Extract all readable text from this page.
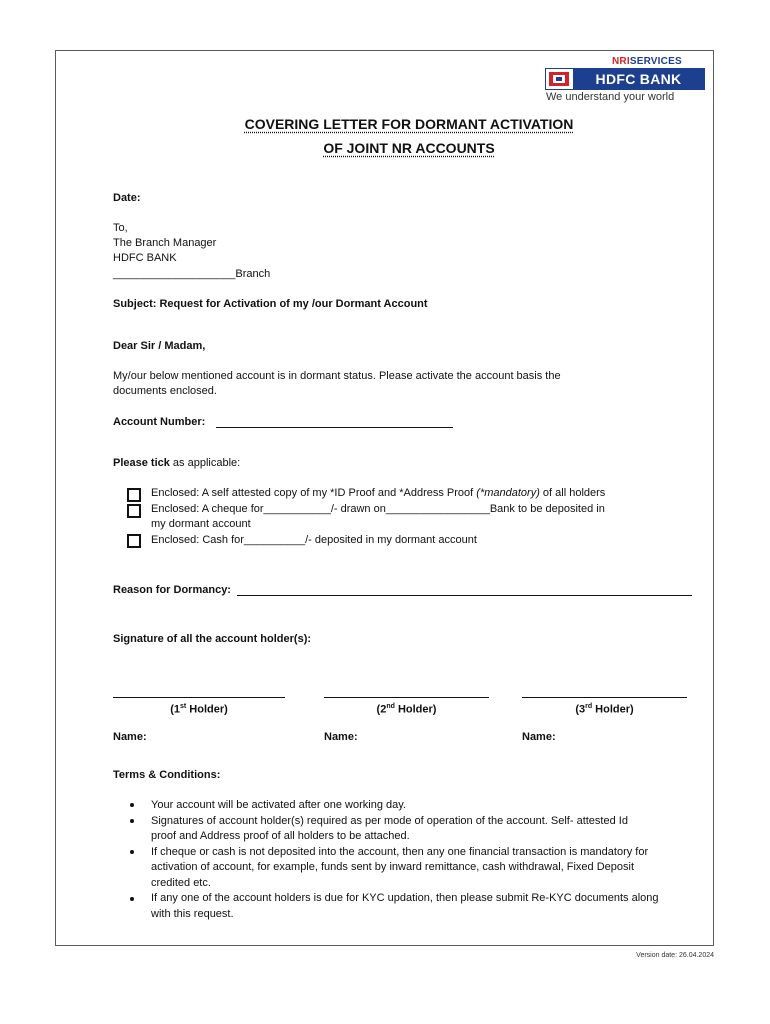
NRISERVICES
HDFC BANK
We understand your world
COVERING LETTER FOR DORMANT ACTIVATION
OF JOINT NR ACCOUNTS
Date:
To,
The Branch Manager
HDFC BANK
____________________Branch
Subject: Request for Activation of my /our Dormant Account
Dear Sir / Madam,
My/our below mentioned account is in dormant status. Please activate the account basis the
documents enclosed.
Account Number:
Please tick as applicable:
Enclosed: A self attested copy of my *ID Proof and *Address Proof (*mandatory) of all holders
Enclosed: A cheque for___________/- drawn on_________________Bank to be deposited in
my dormant account
Enclosed: Cash for__________/- deposited in my dormant account
Reason for Dormancy:
Signature of all the account holder(s):
(1st Holder)	(2nd Holder)	(3rd Holder)
Name:	Name:	Name:
Terms & Conditions:
Your account will be activated after one working day.
Signatures of account holder(s) required as per mode of operation of the account. Self- attested Id
proof and Address proof of all holders to be attached.
If cheque or cash is not deposited into the account, then any one financial transaction is mandatory for
activation of account, for example, funds sent by inward remittance, cash withdrawal, Fixed Deposit
credited etc.
If any one of the account holders is due for KYC updation, then please submit Re-KYC documents along
with this request.
Version date: 26.04.2024
